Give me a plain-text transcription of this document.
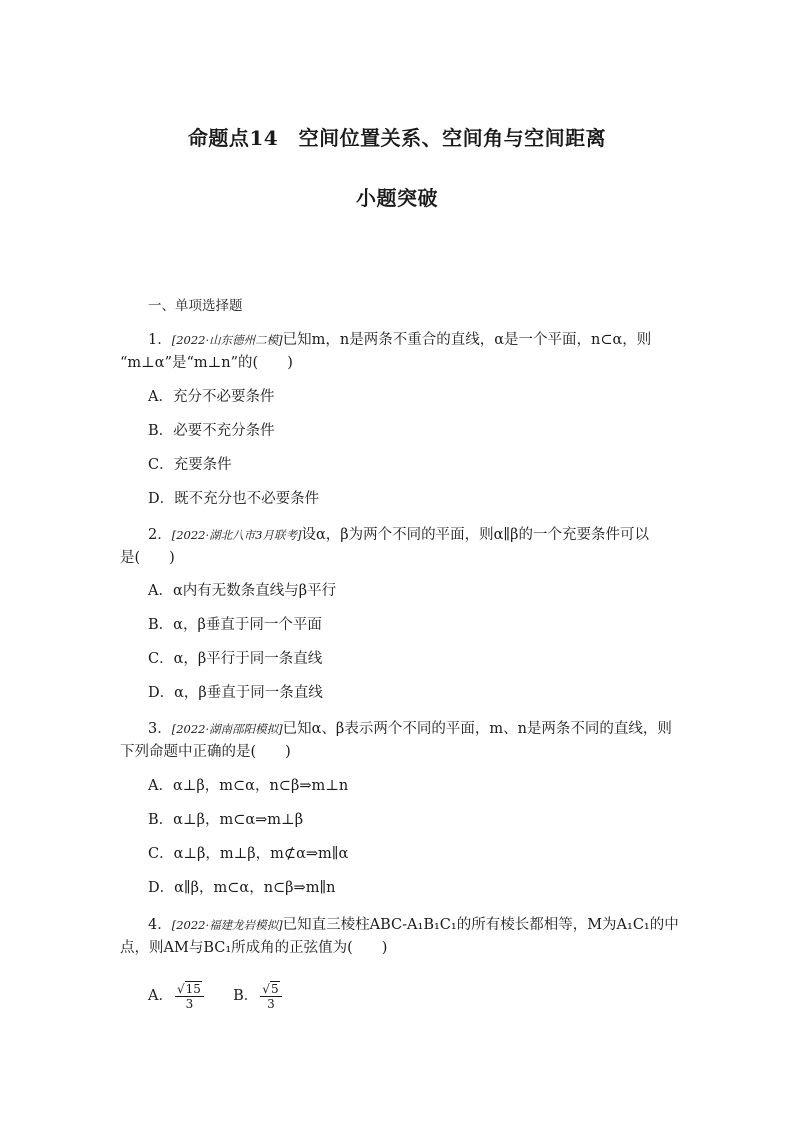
命题点14　空间位置关系、空间角与空间距离
小题突破
一、单项选择题
1．[2022·山东德州二模]已知m，n是两条不重合的直线，α是一个平面，n⊂α，则
“m⊥α”是“m⊥n”的(　　)
A．充分不必要条件
B．必要不充分条件
C．充要条件
D．既不充分也不必要条件
2．[2022·湖北八市3月联考]设α，β为两个不同的平面，则α∥β的一个充要条件可以
是(　　)
A．α内有无数条直线与β平行
B．α，β垂直于同一个平面
C．α，β平行于同一条直线
D．α，β垂直于同一条直线
3．[2022·湖南邵阳模拟]已知α、β表示两个不同的平面，m、n是两条不同的直线，则
下列命题中正确的是(　　)
A．α⊥β，m⊂α，n⊂β⇒m⊥n
B．α⊥β，m⊂α⇒m⊥β
C．α⊥β，m⊥β，m⊄α⇒m∥α
D．α∥β，m⊂α，n⊂β⇒m∥n
4．[2022·福建龙岩模拟]已知直三棱柱ABC-A₁B₁C₁的所有棱长都相等，M为A₁C₁的中
点，则AM与BC₁所成角的正弦值为(　　)
A． $\frac{√15}{3}$ B． $\frac{√5}{3}$
